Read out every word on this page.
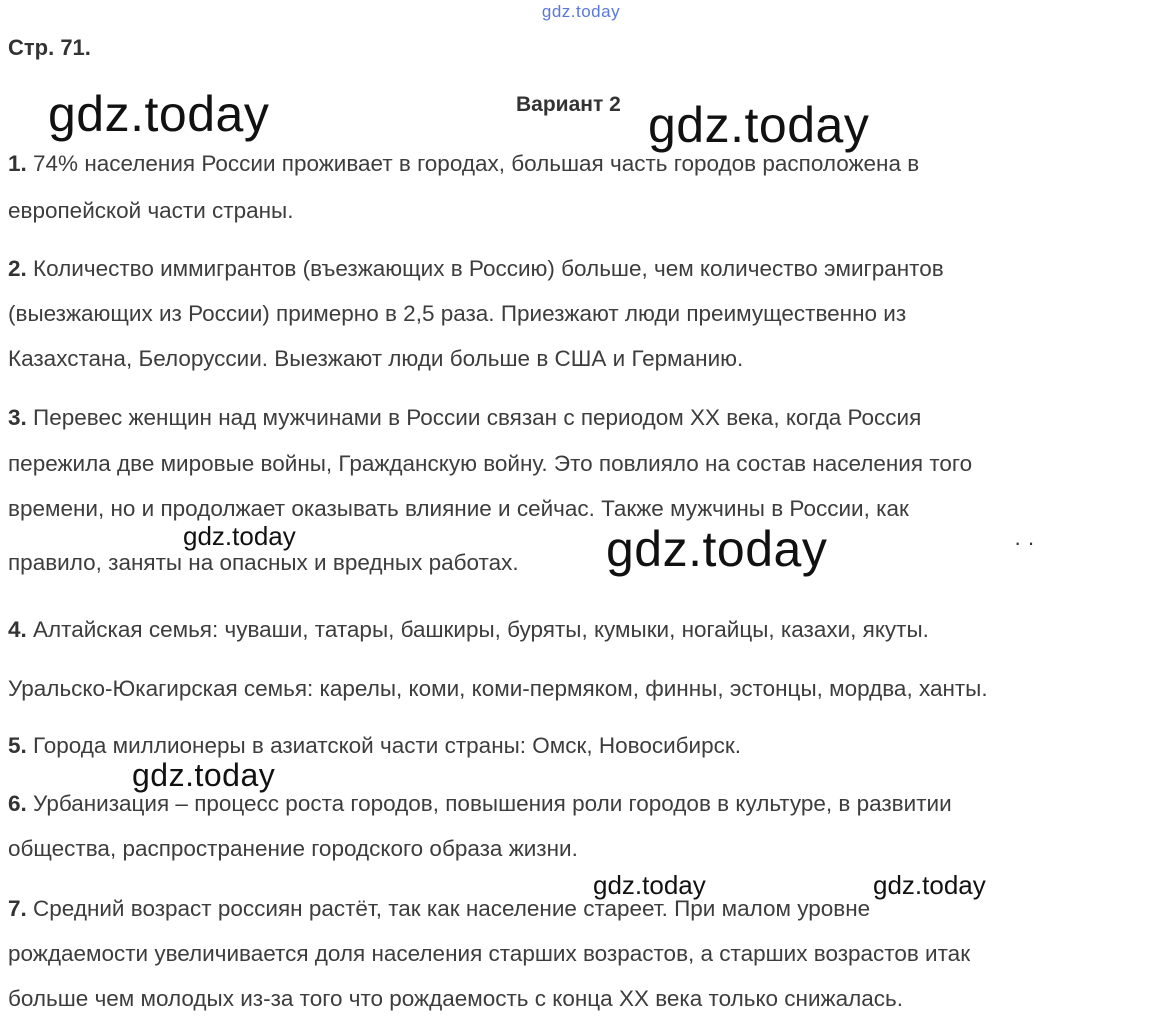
gdz.today
Стр. 71.
gdz.today	Вариант 2 gdz.today
1. 74% населения России проживает в городах, большая часть городов расположена в
европейской части страны.
2. Количество иммигрантов (въезжающих в Россию) больше, чем количество эмигрантов
(выезжающих из России) примерно в 2,5 раза. Приезжают люди преимущественно из
Казахстана, Белоруссии. Выезжают люди больше в США и Германию.
3. Перевес женщин над мужчинами в России связан с периодом XX века, когда Россия
пережила две мировые войны, Гражданскую войну. Это повлияло на состав населения того
времени, но и продолжает оказывать влияние и сейчас. Также мужчины в России, как
gdz.today
правило, заняты на опасных и вредных работах. gdz.today	··
4. Алтайская семья: чуваши, татары, башкиры, буряты, кумыки, ногайцы, казахи, якуты.
Уральско-Юкагирская семья: карелы, коми, коми-пермяком, финны, эстонцы, мордва, ханты.
5. Города миллионеры в азиатской части страны: Омск, Новосибирск.
gdz.today
6. Урбанизация – процесс роста городов, повышения роли городов в культуре, в развитии
общества, распространение городского образа жизни.
gdz.today	gdz.today
7. Средний возраст россиян растёт, так как население стареет. При малом уровне
рождаемости увеличивается доля населения старших возрастов, а старших возрастов итак
больше чем молодых из-за того что рождаемость с конца XX века только снижалась.
